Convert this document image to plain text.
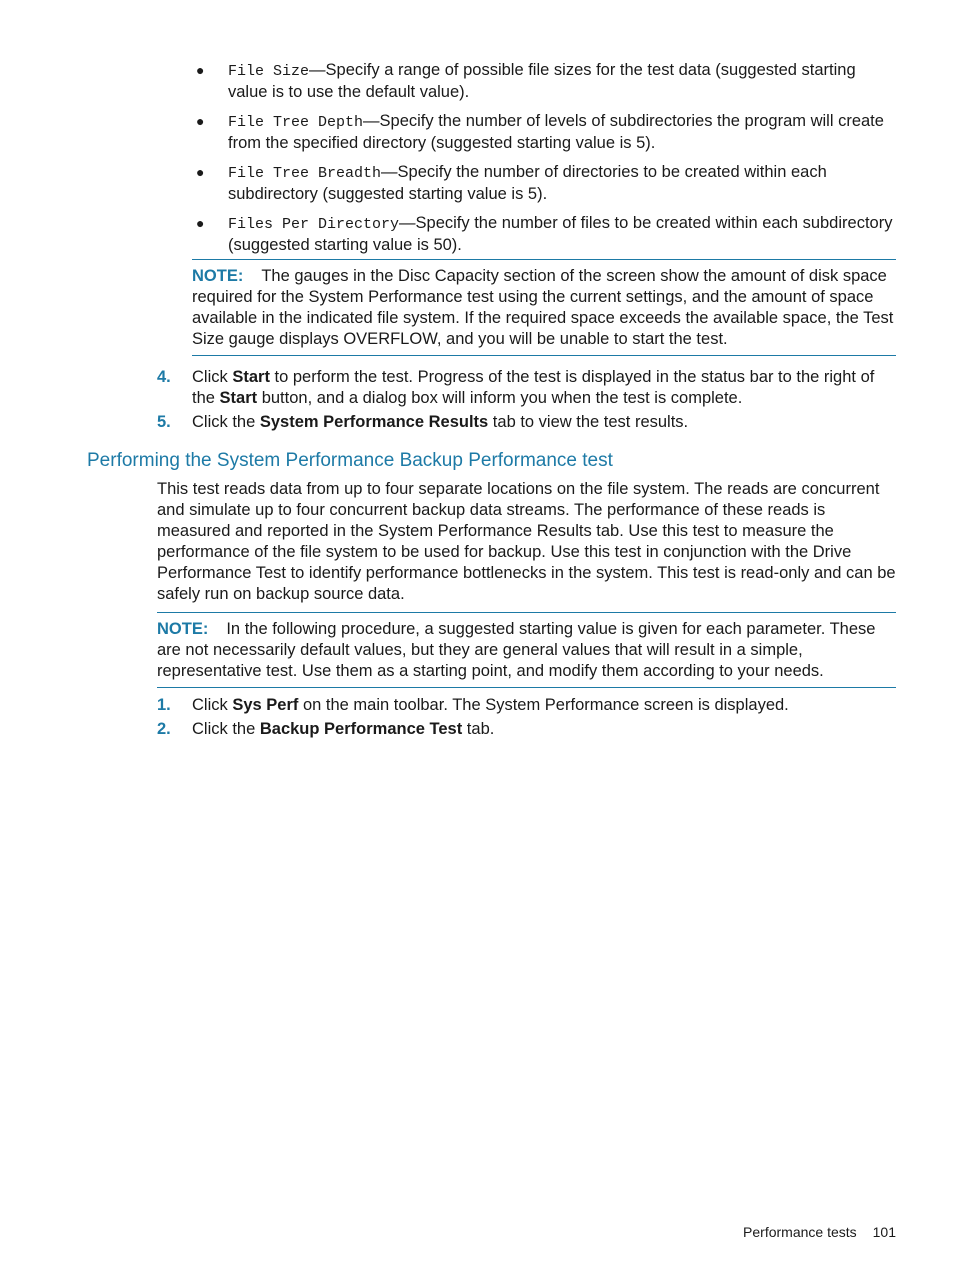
● File Size—Specify a range of possible file sizes for the test data (suggested starting value is to use the default value).
● File Tree Depth—Specify the number of levels of subdirectories the program will create from the specified directory (suggested starting value is 5).
● File Tree Breadth—Specify the number of directories to be created within each subdirectory (suggested starting value is 5).
● Files Per Directory—Specify the number of files to be created within each subdirectory (suggested starting value is 50).
NOTE: The gauges in the Disc Capacity section of the screen show the amount of disk space required for the System Performance test using the current settings, and the amount of space available in the indicated file system. If the required space exceeds the available space, the Test Size gauge displays OVERFLOW, and you will be unable to start the test.
4. Click Start to perform the test. Progress of the test is displayed in the status bar to the right of the Start button, and a dialog box will inform you when the test is complete.
5. Click the System Performance Results tab to view the test results.
Performing the System Performance Backup Performance test

This test reads data from up to four separate locations on the file system. The reads are concurrent and simulate up to four concurrent backup data streams. The performance of these reads is measured and reported in the System Performance Results tab. Use this test to measure the performance of the file system to be used for backup. Use this test in conjunction with the Drive Performance Test to identify performance bottlenecks in the system. This test is read-only and can be safely run on backup source data.

NOTE: In the following procedure, a suggested starting value is given for each parameter. These are not necessarily default values, but they are general values that will result in a simple, representative test. Use them as a starting point, and modify them according to your needs.
1. Click Sys Perf on the main toolbar. The System Performance screen is displayed.
2. Click the Backup Performance Test tab.
Performance tests 101
